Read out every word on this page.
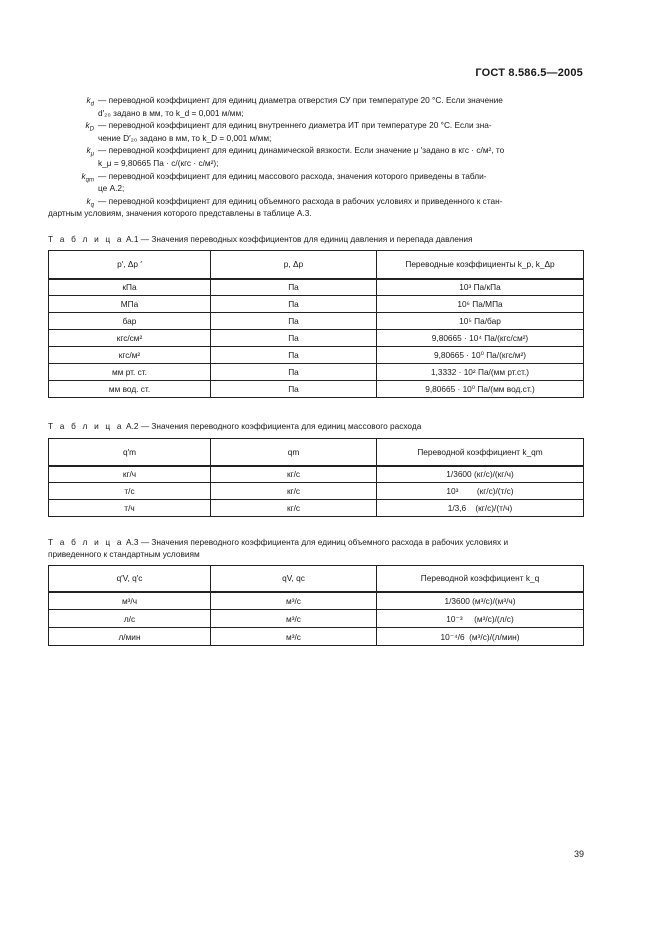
ГОСТ 8.586.5—2005
$k_d$ — переводной коэффициент для единиц диаметра отверстия СУ при температуре 20 °С. Если значение
d′₂₀ задано в мм, то k_d = 0,001 м/мм;
$k_D$ — переводной коэффициент для единиц внутреннего диаметра ИТ при температуре 20 °С. Если зна-
чение D′₂₀ задано в мм, то k_D = 0,001 м/мм;
$k_\mu$ — переводной коэффициент для единиц динамической вязкости. Если значение μ ′задано в кгс · с/м², то
k_μ = 9,80665 Па · с/(кгс · с/м²);
$k_{qm}$ — переводной коэффициент для единиц массового расхода, значения которого приведены в табли-
це А.2;
$k_q$ — переводной коэффициент для единиц объемного расхода в рабочих условиях и приведенного к стан-
дартным условиям, значения которого представлены в таблице А.3.
Т а б л и ц а А.1 — Значения переводных коэффициентов для единиц давления и перепада давления
p′, Δp ′	p, Δp	Переводные коэффициенты k_p, k_Δp
кПа	Па	10³ Па/кПа
МПа	Па	10⁶ Па/МПа
бар	Па	10⁵ Па/бар
кгс/см²	Па	9,80665 · 10⁴ Па/(кгс/см²)
кгс/м²	Па	9,80665 · 10⁰ Па/(кгс/м²)
мм рт. ст.	Па	1,3332 · 10² Па/(мм рт.ст.)
мм вод. ст.	Па	9,80665 · 10⁰ Па/(мм вод.ст.)
Т а б л и ц а А.2 — Значения переводного коэффициента для единиц массового расхода
q′m	qm	Переводной коэффициент k_qm
кг/ч	кг/с	1/3600 (кг/с)/(кг/ч)
т/с	кг/с	10³        (кг/с)/(т/с)
т/ч	кг/с	1/3,6    (кг/с)/(т/ч)
Т а б л и ц а А.3 — Значения переводного коэффициента для единиц объемного расхода в рабочих условиях и
приведенного к стандартным условиям
q′V, q′c	qV, qc	Переводной коэффициент k_q
м³/ч	м³/с	1/3600 (м³/с)/(м³/ч)
л/с	м³/с	10⁻³     (м³/с)/(л/с)
л/мин	м³/с	10⁻⁴/6  (м³/с)/(л/мин)
39
